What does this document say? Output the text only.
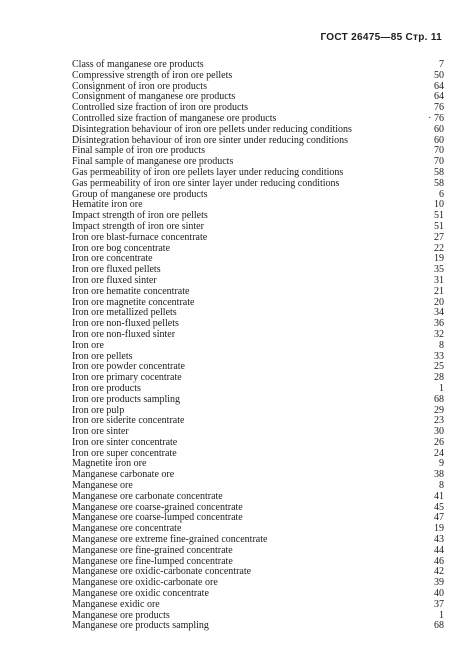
ГОСТ 26475—85 Стр. 11
Class of manganese ore products	7
Compressive strength of iron ore pellets	50
Consignment of iron ore products	64
Consignment of manganese ore products	64
Controlled size fraction of iron ore products	76
Controlled size fraction of manganese ore products	· 76
Disintegration behaviour of iron ore pellets under reducing conditions	60
Disintegration behaviour of iron ore sinter under reducing conditions	60
Final sample of iron ore products	70
Final sample of manganese ore products	70
Gas permeability of iron ore pellets layer under reducing conditions	58
Gas permeability of iron ore sinter layer under reducing conditions	58
Group of manganese ore products	6
Hematite iron ore	10
Impact strength of iron ore pellets	51
Impact strength of iron ore sinter	51
Iron ore blast-furnace concentrate	27
Iron ore bog concentrate	22
Iron ore concentrate	19
Iron ore fluxed pellets	35
Iron ore fluxed sinter	31
Iron ore hematite concentrate	21
Iron ore magnetite concentrate	20
Iron ore metallized pellets	34
Iron ore non-fluxed pellets	36
Iron ore non-fluxed sinter	32
Iron ore	8
Iron ore pellets	33
Iron ore powder concentrate	25
Iron ore primary cocentrate	28
Iron ore products	1
Iron ore products sampling	68
Iron ore pulp	29
Iron ore siderite concentrate	23
Iron ore sinter	30
Iron ore sinter concentrate	26
Iron ore super concentrate	24
Magnetite iron ore	9
Manganese carbonate ore	38
Manganese ore	8
Manganese ore carbonate concentrate	41
Manganese ore coarse-grained concentrate	45
Manganese ore coarse-lumped concentrate	47
Manganese ore concentrate	19
Manganese ore extreme fine-grained concentrate	43
Manganese ore fine-grained concentrate	44
Manganese ore fine-lumped concentrate	46
Manganese ore oxidic-carbonate concentrate	42
Manganese ore oxidic-carbonate ore	39
Manganese ore oxidic concentrate	40
Manganese exidic ore	37
Manganese ore products	1
Manganese ore products sampling	68
